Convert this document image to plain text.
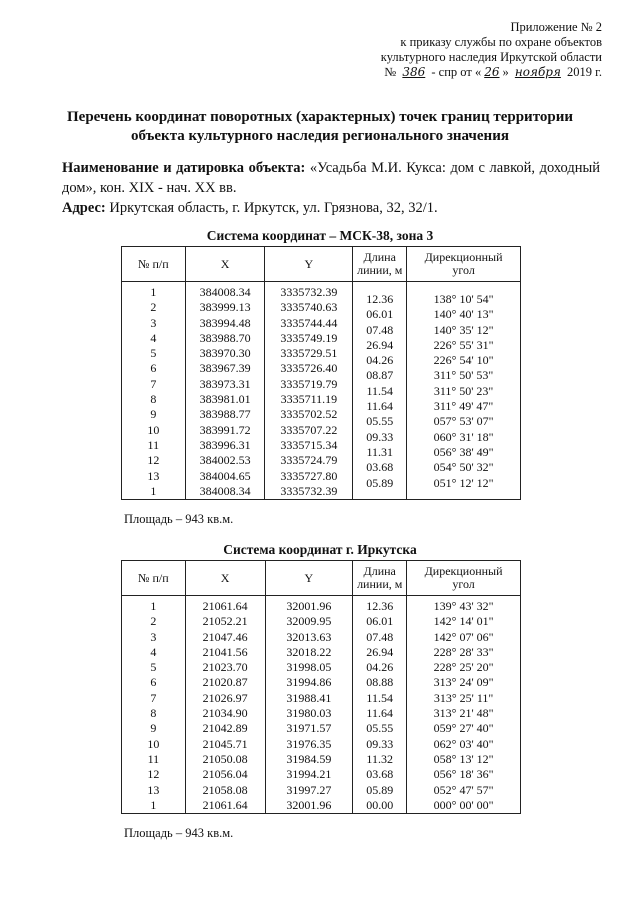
Приложение № 2
к приказу службы по охране объектов
культурного наследия Иркутской области
№ 386 - спр от « 26 » ноября 2019 г.
Перечень координат поворотных (характерных) точек границ территории
объекта культурного наследия регионального значения
Наименование и датировка объекта: «Усадьба М.И. Кукса: дом с лавкой, доходный дом», кон. XIX - нач. XX вв.
Адрес: Иркутская область, г. Иркутск, ул. Грязнова, 32, 32/1.
Система координат – МСК-38, зона 3
№ п/п	X	Y	Длина
линии, м	Дирекционный
угол
1	384008.34	3335732.39	12.36	138° 10' 54"
2	383999.13	3335740.63	06.01	140° 40' 13"
3	383994.48	3335744.44	07.48	140° 35' 12"
4	383988.70	3335749.19	26.94	226° 55' 31"
5	383970.30	3335729.51	04.26	226° 54' 10"
6	383967.39	3335726.40	08.87	311° 50' 53"
7	383973.31	3335719.79	11.54	311° 50' 23"
8	383981.01	3335711.19	11.64	311° 49' 47"
9	383988.77	3335702.52	05.55	057° 53' 07"
10	383991.72	3335707.22	09.33	060° 31' 18"
11	383996.31	3335715.34	11.31	056° 38' 49"
12	384002.53	3335724.79	03.68	054° 50' 32"
13	384004.65	3335727.80	05.89	051° 12' 12"
1	384008.34	3335732.39		
Площадь – 943 кв.м.
Система координат г. Иркутска
№ п/п	X	Y	Длина
линии, м	Дирекционный
угол
1	21061.64	32001.96	12.36	139° 43' 32"
2	21052.21	32009.95	06.01	142° 14' 01"
3	21047.46	32013.63	07.48	142° 07' 06"
4	21041.56	32018.22	26.94	228° 28' 33"
5	21023.70	31998.05	04.26	228° 25' 20"
6	21020.87	31994.86	08.88	313° 24' 09"
7	21026.97	31988.41	11.54	313° 25' 11"
8	21034.90	31980.03	11.64	313° 21' 48"
9	21042.89	31971.57	05.55	059° 27' 40"
10	21045.71	31976.35	09.33	062° 03' 40"
11	21050.08	31984.59	11.32	058° 13' 12"
12	21056.04	31994.21	03.68	056° 18' 36"
13	21058.08	31997.27	05.89	052° 47' 57"
1	21061.64	32001.96	00.00	000° 00' 00"
Площадь – 943 кв.м.
